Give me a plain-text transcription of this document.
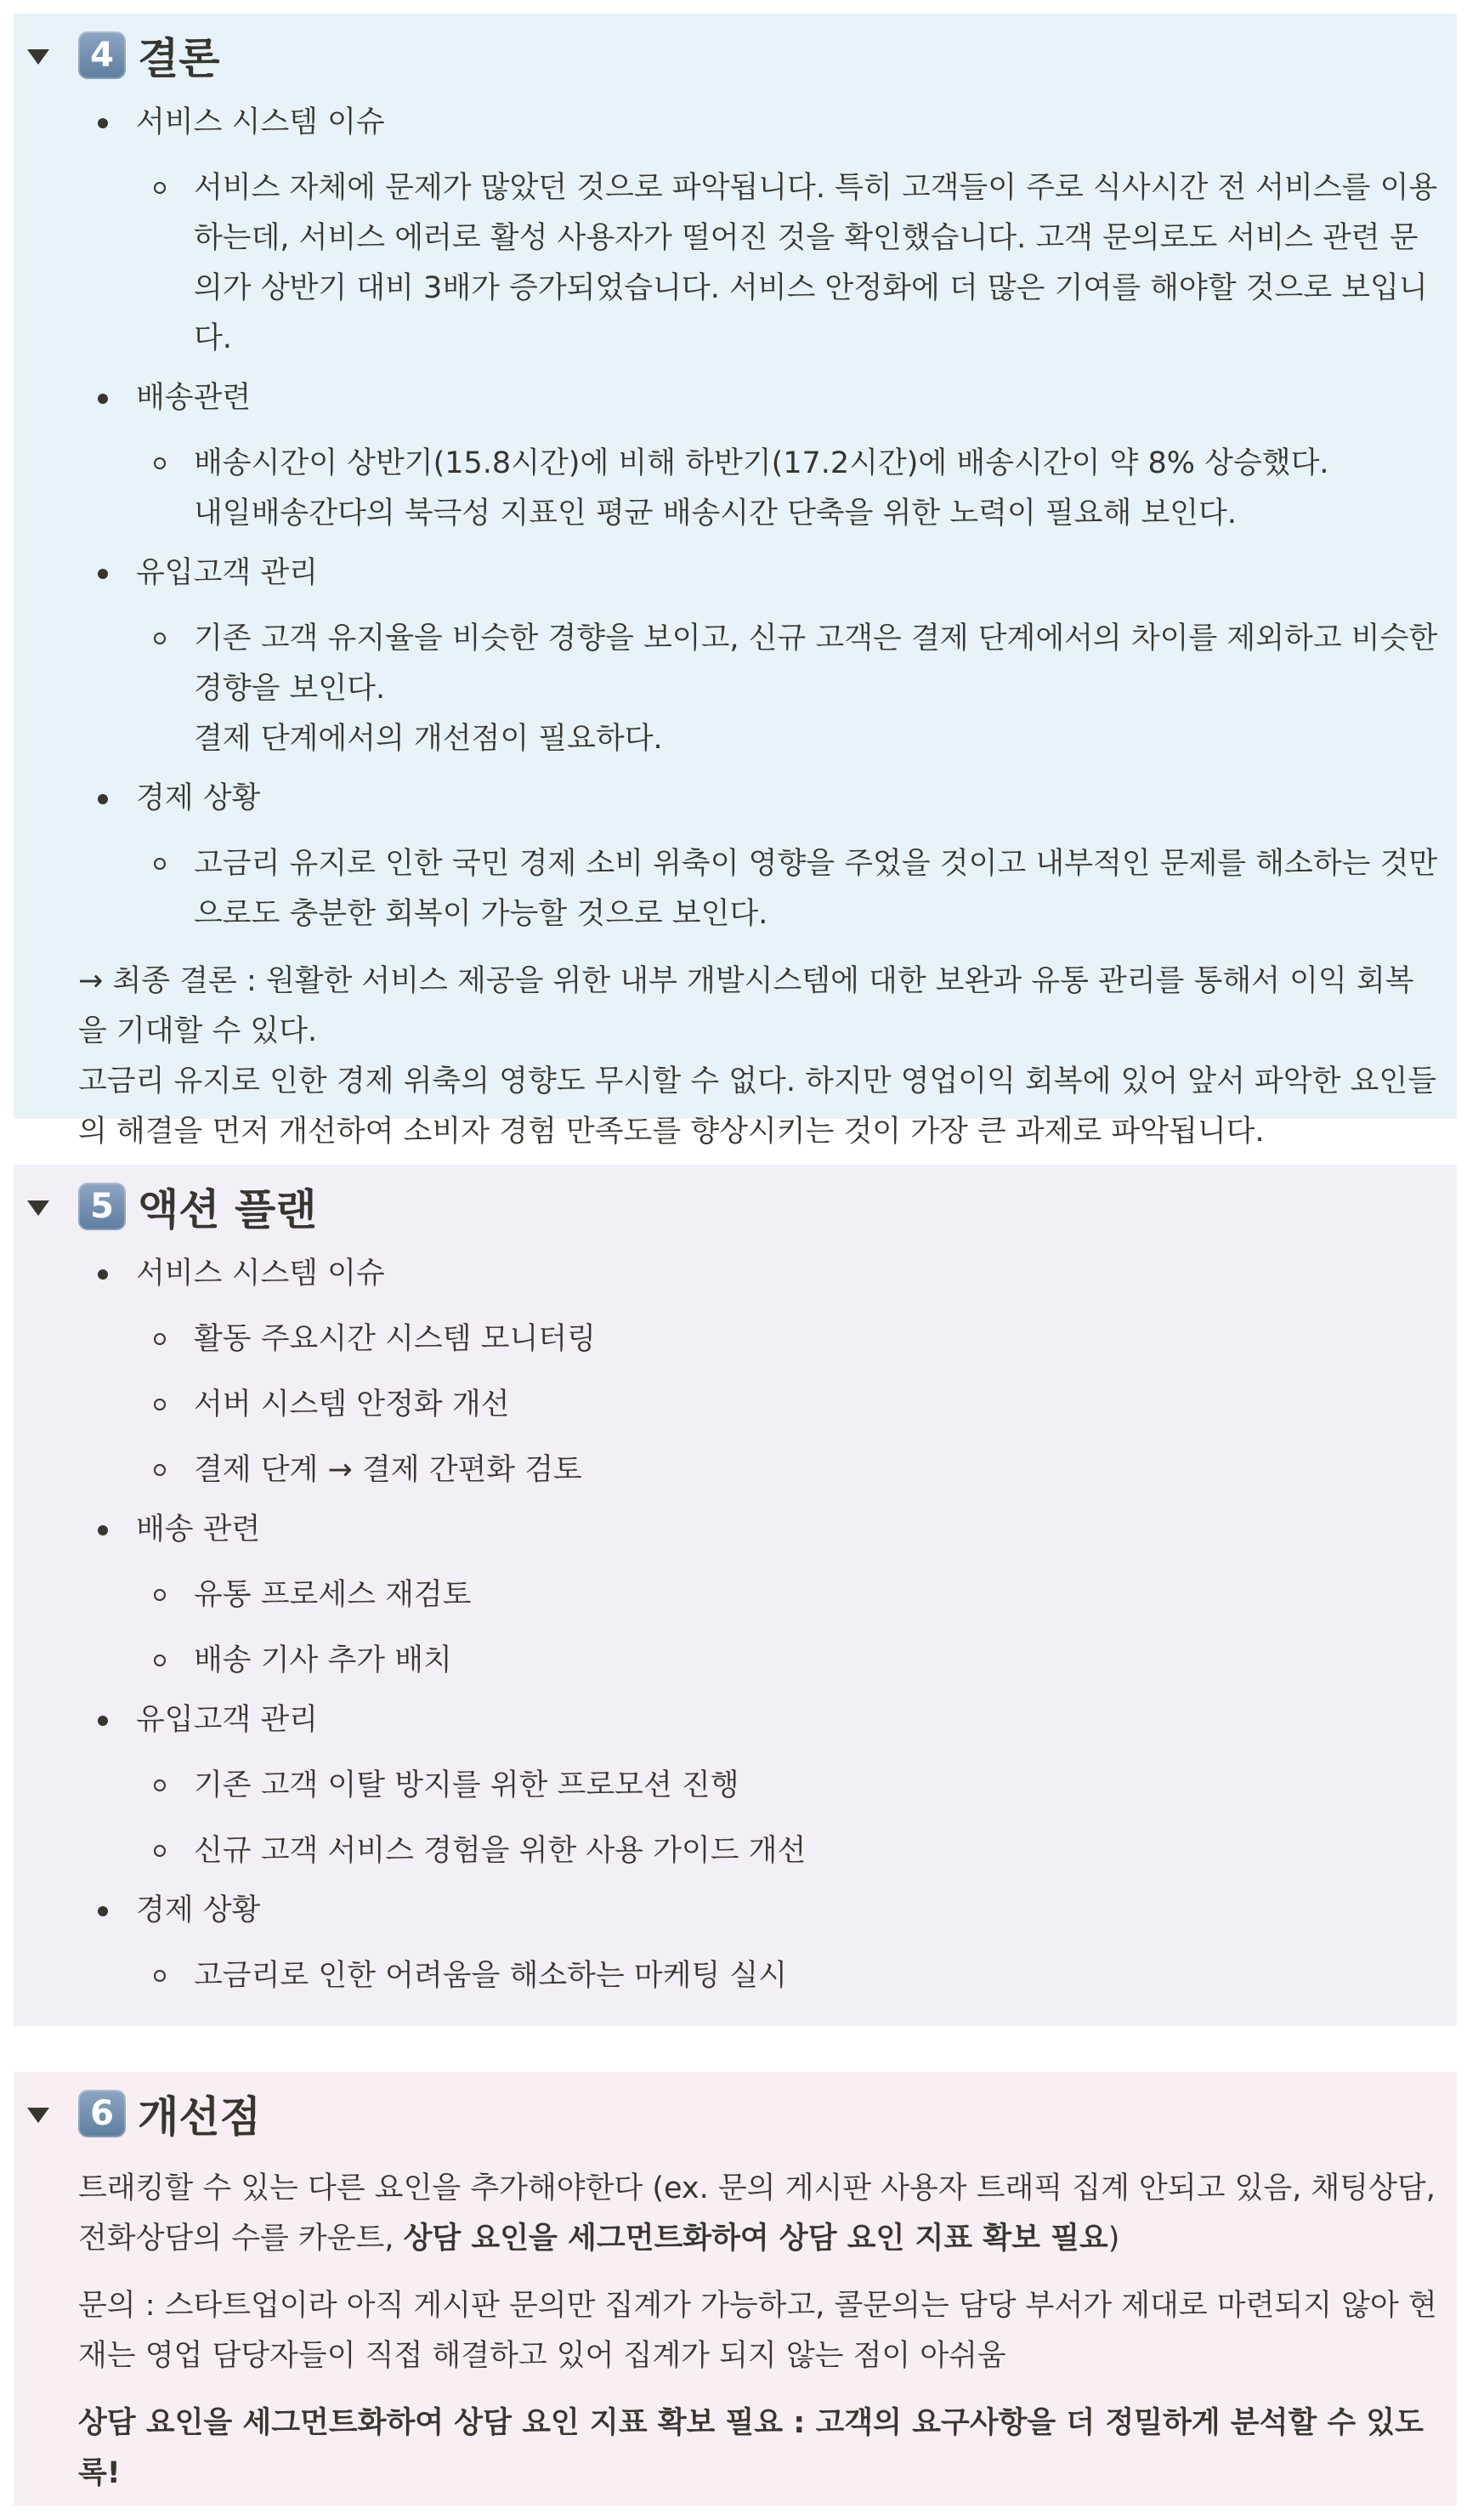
4 결론
서비스 시스템 이슈
서비스 자체에 문제가 많았던 것으로 파악됩니다. 특히 고객들이 주로 식사시간 전 서비스를 이용하는데, 서비스 에러로 활성 사용자가 떨어진 것을 확인했습니다. 고객 문의로도 서비스 관련 문의가 상반기 대비 3배가 증가되었습니다. 서비스 안정화에 더 많은 기여를 해야할 것으로 보입니다.
배송관련
배송시간이 상반기(15.8시간)에 비해 하반기(17.2시간)에 배송시간이 약 8% 상승했다.
내일배송간다의 북극성 지표인 평균 배송시간 단축을 위한 노력이 필요해 보인다.
유입고객 관리
기존 고객 유지율을 비슷한 경향을 보이고, 신규 고객은 결제 단계에서의 차이를 제외하고 비슷한 경향을 보인다.
결제 단계에서의 개선점이 필요하다.
경제 상황
고금리 유지로 인한 국민 경제 소비 위축이 영향을 주었을 것이고 내부적인 문제를 해소하는 것만으로도 충분한 회복이 가능할 것으로 보인다.
→ 최종 결론 : 원활한 서비스 제공을 위한 내부 개발시스템에 대한 보완과 유통 관리를 통해서 이익 회복을 기대할 수 있다.
고금리 유지로 인한 경제 위축의 영향도 무시할 수 없다. 하지만 영업이익 회복에 있어 앞서 파악한 요인들의 해결을 먼저 개선하여 소비자 경험 만족도를 향상시키는 것이 가장 큰 과제로 파악됩니다.
5 액션 플랜
서비스 시스템 이슈
활동 주요시간 시스템 모니터링
서버 시스템 안정화 개선
결제 단계 → 결제 간편화 검토
배송 관련
유통 프로세스 재검토
배송 기사 추가 배치
유입고객 관리
기존 고객 이탈 방지를 위한 프로모션 진행
신규 고객 서비스 경험을 위한 사용 가이드 개선
경제 상황
고금리로 인한 어려움을 해소하는 마케팅 실시
6 개선점
트래킹할 수 있는 다른 요인을 추가해야한다 (ex. 문의 게시판 사용자 트래픽 집계 안되고 있음, 채팅상담, 전화상담의 수를 카운트, 상담 요인을 세그먼트화하여 상담 요인 지표 확보 필요)
문의 : 스타트업이라 아직 게시판 문의만 집계가 가능하고, 콜문의는 담당 부서가 제대로 마련되지 않아 현재는 영업 담당자들이 직접 해결하고 있어 집계가 되지 않는 점이 아쉬움
상담 요인을 세그먼트화하여 상담 요인 지표 확보 필요 : 고객의 요구사항을 더 정밀하게 분석할 수 있도록!
